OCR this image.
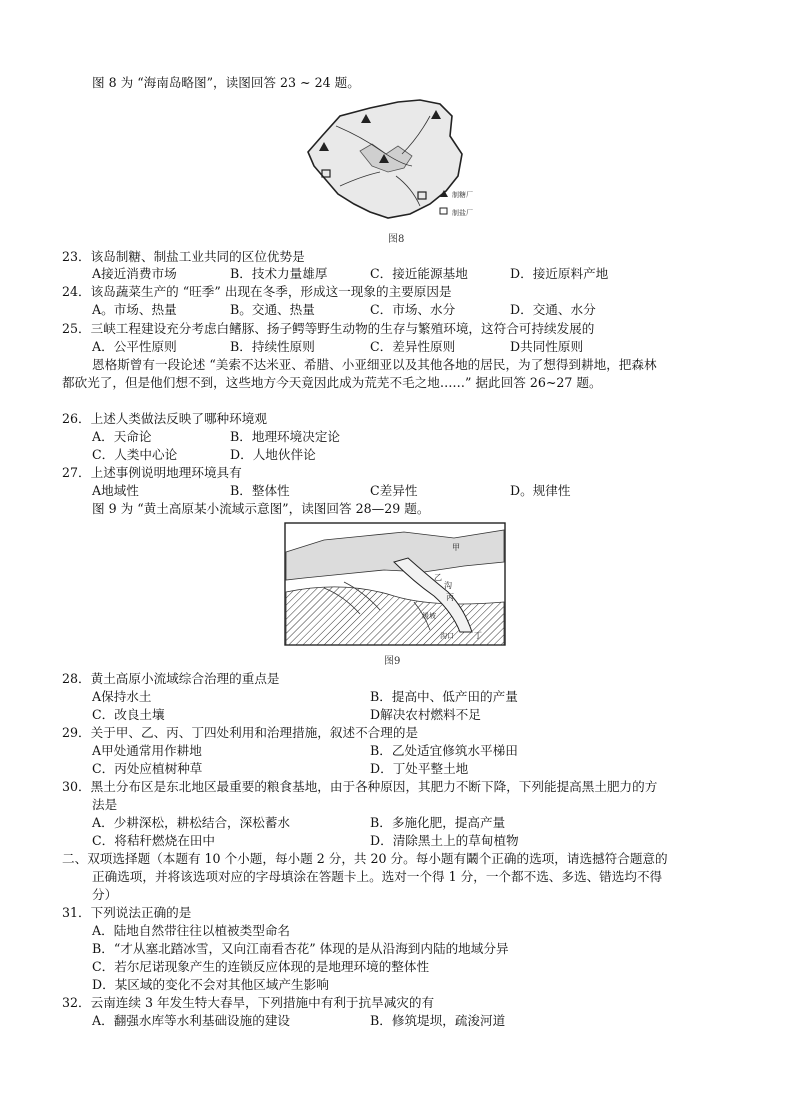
图 8 为 “海南岛略图”，读图回答 23 ~ 24 题。
制糖厂
制盐厂
图8
23．该岛制糖、制盐工业共同的区位优势是
A接近消费市场	B．技术力量雄厚	C．接近能源基地	D．接近原料产地
24．该岛蔬菜生产的 “旺季” 出现在冬季，形成这一现象的主要原因是
A。市场、热量	B。交通、热量	C．市场、水分	D．交通、水分
25．三峡工程建设充分考虑白鳍豚、扬子鳄等野生动物的生存与繁殖环境，这符合可持续发展的
A．公平性原则	B．持续性原则	C．差异性原则	D共同性原则
恩格斯曾有一段论述 “美索不达米亚、希腊、小亚细亚以及其他各地的居民，为了想得到耕地，把森林
都砍光了，但是他们想不到，这些地方今天竟因此成为荒芜不毛之地……” 据此回答 26~27 题。
26．上述人类做法反映了哪种环境观
A．天命论	B．地理环境决定论
C．人类中心论	D．人地伙伴论
27．上述事例说明地理环境具有
A地域性	B．整体性	C差异性	D。规律性
图 9 为 “黄土高原某小流域示意图”，读图回答 28—29 题。
甲
乙
沟
丙
缓坡
沟口	丁
图9
28．黄土高原小流域综合治理的重点是
A保持水土	B．提高中、低产田的产量
C．改良土壤	D解决农村燃料不足
29．关于甲、乙、丙、丁四处利用和治理措施，叙述不合理的是
A甲处通常用作耕地	B．乙处适宜修筑水平梯田
C．丙处应植树种草	D．丁处平整土地
30．黑土分布区是东北地区最重要的粮食基地，由于各种原因，其肥力不断下降，下列能提高黑土肥力的方
法是
A．少耕深松，耕松结合，深松蓄水	B．多施化肥，提高产量
C．将秸秆燃烧在田中	D．清除黑土上的草甸植物
二、双项选择题（本题有 10 个小题，每小题 2 分，共 20 分。每小题有鬫个正确的选项，请选撼符合题意的
正确选项，并将该选项对应的字母填涂在答题卡上。选对一个得 1 分，一个都不选、多选、错选均不得
分）
31．下列说法正确的是
A．陆地自然带往往以植被类型命名
B．“才从塞北踏冰雪，又向江南看杏花” 体现的是从沿海到内陆的地域分异
C．若尔尼诺现象产生的连锁反应体现的是地理环境的整体性
D．某区域的变化不会对其他区域产生影响
32．云南连续 3 年发生特大春旱，下列措施中有利于抗旱减灾的有
A．翻强水库等水利基础设施的建设	B．修筑堤坝，疏浚河道
